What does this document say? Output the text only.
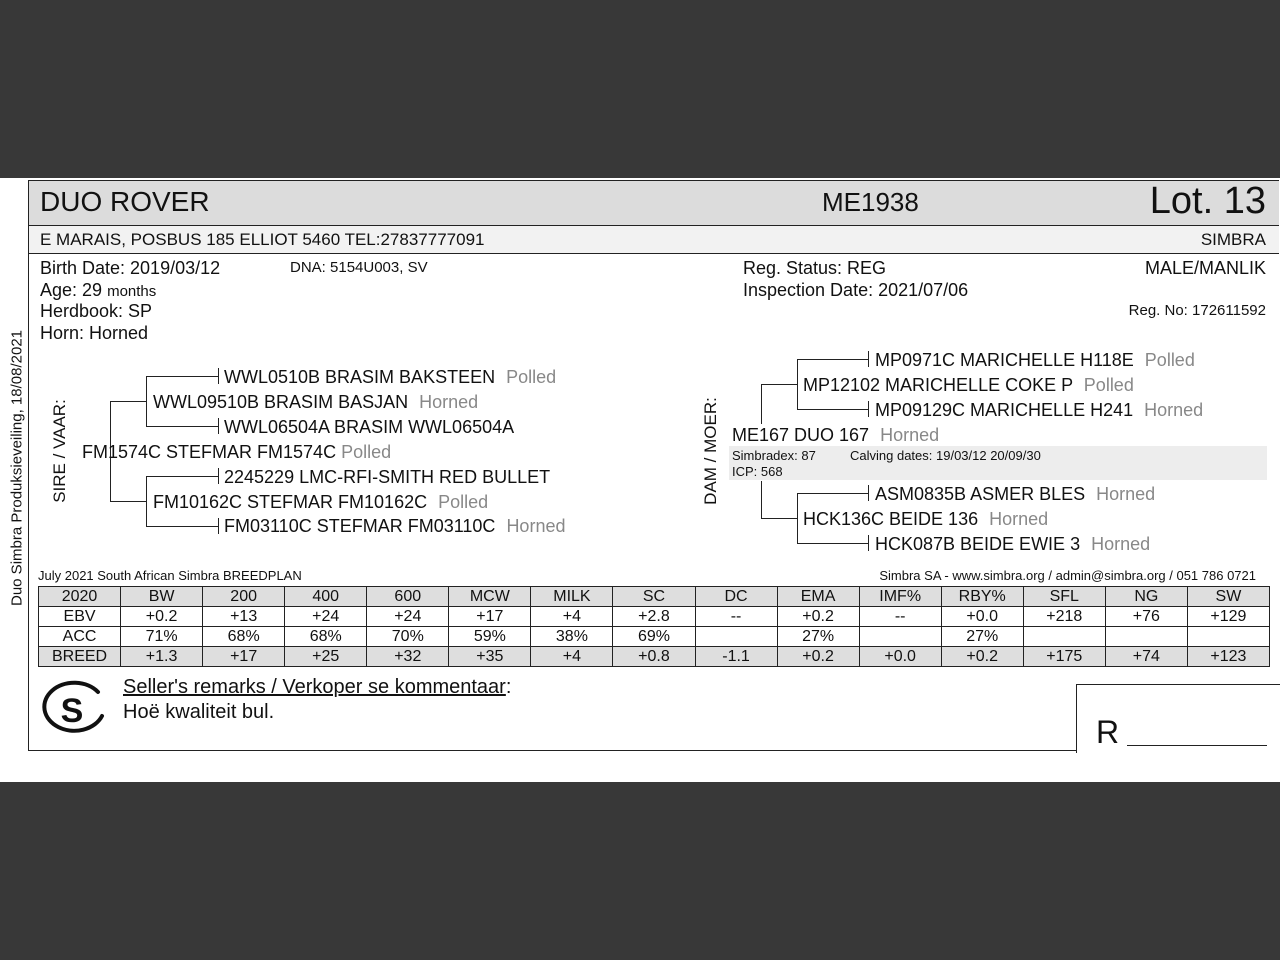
Duo Simbra Produksieveiling, 18/08/2021
DUO ROVER	ME1938	Lot. 13
E MARAIS, POSBUS 185 ELLIOT 5460 TEL:27837777091	SIMBRA
Birth Date: 2019/03/12	DNA: 5154U003, SV
Age: 29 months
Herdbook: SP
Horn: Horned
Reg. Status: REG
Inspection Date: 2021/07/06
MALE/MANLIK
Reg. No: 172611592
SIRE / VAAR:
WWL0510B BRASIM BAKSTEEN Polled
WWL09510B BRASIM BASJAN Horned
WWL06504A BRASIM WWL06504A
FM1574C STEFMAR FM1574C Polled
2245229 LMC-RFI-SMITH RED BULLET
FM10162C STEFMAR FM10162C Polled
FM03110C STEFMAR FM03110C Horned
DAM / MOER:
MP0971C MARICHELLE H118E Polled
MP12102 MARICHELLE COKE P Polled
MP09129C MARICHELLE H241 Horned
ME167 DUO 167 Horned
Simbradex: 87	Calving dates: 19/03/12 20/09/30
ICP: 568
ASM0835B ASMER BLES Horned
HCK136C BEIDE 136 Horned
HCK087B BEIDE EWIE 3 Horned
July 2021 South African Simbra BREEDPLAN	Simbra SA - www.simbra.org / admin@simbra.org / 051 786 0721
2020	BW	200	400	600	MCW	MILK	SC	DC	EMA	IMF%	RBY%	SFL	NG	SW
EBV	+0.2	+13	+24	+24	+17	+4	+2.8	--	+0.2	--	+0.0	+218	+76	+129
ACC	71%	68%	68%	70%	59%	38%	69%		27%		27%			
BREED	+1.3	+17	+25	+32	+35	+4	+0.8	-1.1	+0.2	+0.0	+0.2	+175	+74	+123
S
Seller's remarks / Verkoper se kommentaar:
Hoë kwaliteit bul.
R
